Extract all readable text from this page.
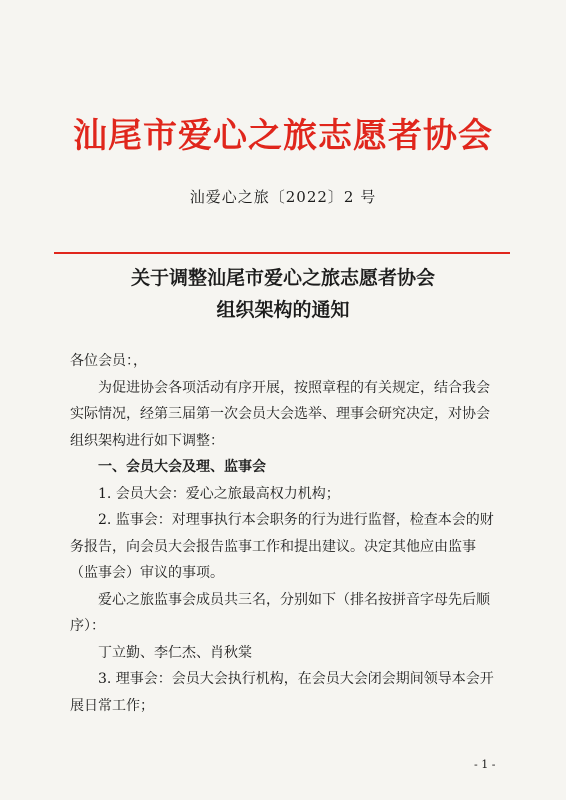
汕尾市爱心之旅志愿者协会
汕爱心之旅〔2022〕2 号
关于调整汕尾市爱心之旅志愿者协会
组织架构的通知

各位会员：，

为促进协会各项活动有序开展，按照章程的有关规定，结合我会实际情况，经第三届第一次会员大会选举、理事会研究决定，对协会组织架构进行如下调整：

一、会员大会及理、监事会

1. 会员大会：爱心之旅最高权力机构；

2. 监事会：对理事执行本会职务的行为进行监督，检查本会的财务报告，向会员大会报告监事工作和提出建议。决定其他应由监事（监事会）审议的事项。

爱心之旅监事会成员共三名，分别如下（排名按拼音字母先后顺序）：

丁立勤、李仁杰、肖秋棠

3. 理事会：会员大会执行机构，在会员大会闭会期间领导本会开展日常工作；

- 1 -
